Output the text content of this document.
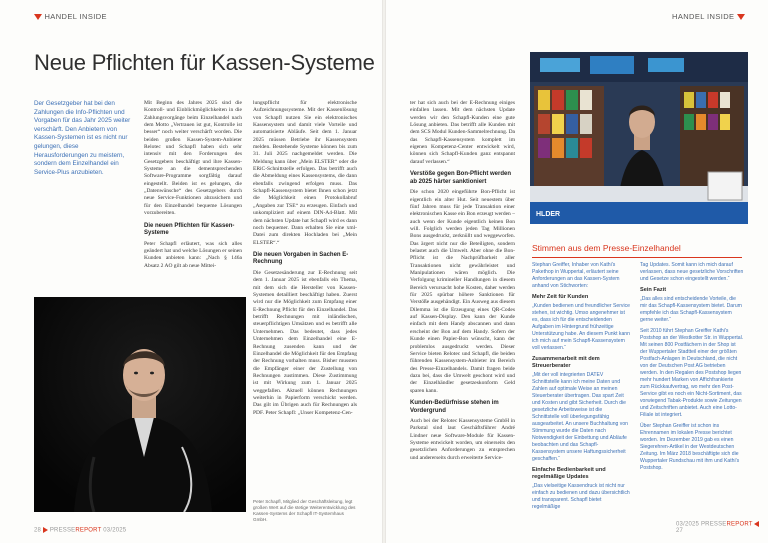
HANDEL INSIDE
Neue Pflichten für Kassen-Systeme
Der Gesetzgeber hat bei den Zahlungen die Info-Pflichten und Vorgaben für das Jahr 2025 weiter verschärft. Den Anbietern von Kassen-Systemen ist es nicht nur gelungen, diese Herausforderungen zu meistern, sondern dem Einzelhandel ein Service-Plus anzubieten.

Mit Beginn des Jahres 2025 sind die Kontroll- und Einblickmöglichkeiten in die Zahlungsvorgänge beim Einzelhandel nach dem Motto „Vertrauen ist gut, Kontrolle ist besser“ noch weiter verschärft worden. Die beiden großen Kassen-System-Anbieter Relotec und Schapfl haben sich sehr intensiv mit den Forderungen des Gesetzgebers beschäftigt und ihre Kassen-Systeme an die dementsprechenden Software-Programme sorgfältig darauf eingestellt. Beiden ist es gelungen, die „Datenwünsche“ des Gesetzgebers durch neue Service-Funktionen abzusichern und für den Einzelhandel bequeme Lösungen vorzubereiten.

Die neuen Pflichten für Kassen-Systeme

Peter Schapfl erläutert, was sich alles geändert hat und welche Lösungen er seinen Kunden anbieten kann: „Nach § 146a Absatz 2 AO gilt ab neue Mittei-

lungspflicht für elektronische Aufzeichnungssysteme. Mit der Kassenlösung von Schapfl nutzen Sie ein elektronisches Kassensystem und damit viele Vorteile und automatisierte Abläufe. Seit dem 1. Januar 2025 müssen Betriebe ihr Kassensystem melden. Bestehende Systeme können bis zum 31. Juli 2025 nachgemeldet werden. Die Meldung kann über „Mein ELSTER“ oder die ERiC-Schnittstelle erfolgen. Das betrifft auch die Abmeldung eines Kassensystems, die dann ebenfalls zwingend erfolgen muss. Das Schapfl-Kassensystem bietet Ihnen schon jetzt die Möglichkeit einen Protokollabruf „Angaben zur TSE“ zu erzeugen. Einfach und unkompliziert auf einem DIN-A4-Blatt. Mit dem nächsten Update hat Schapfl wird es dann noch bequemer. Dann erhalten Sie eine xml-Datei zum direkten Hochladen bei „Mein ELSTER“.“

Die neuen Vorgaben in Sachen E-Rechnung

Die Gesetzesänderung zur E-Rechnung seit dem 1. Januar 2025 ist ebenfalls ein Thema, mit dem sich die Hersteller von Kassen-Systemen detailliert beschäftigt haben. Zuerst wird nur die Möglichkeit zum Empfang einer E-Rechnung Pflicht für den Einzelhandel. Das betrifft Rechnungen mit inländischen, steuerpflichtigen Umsätzen und es betrifft alle Unternehmen. Das bedeutet, dass jedes Unternehmen dem Einzelhandel eine E-Rechnung zusenden kann und der Einzelhandel die Möglichkeit für den Empfang der Rechnung vorhalten muss. Bisher mussten die Empfänger einer der Zustellung von Rechnungen zustimmen. Diese Zustimmung ist mit Wirkung zum 1. Januar 2025 weggefallen. Aktuell können Rechnungen weiterhin in Papierform verschickt werden. Das gilt im Übrigen auch für Rechnungen als PDF. Peter Schapfl: „Unser Kompetenz-Cen-

Peter Schapfl, Mitglied der Geschäftsleitung, legt großen Wert auf die stetige Weiterentwicklung des Kassen-Systems der Schapfl IT-Systemhaus GmbH.
28 PRESSEREPORT 03/2025
HANDEL INSIDE

ter hat sich auch bei der E-Rechnung einiges einfallen lassen. Mit dem nächsten Update werden wir den Schapfl-Kunden eine gute Lösung anbieten. Das betrifft alle Kunden mit dem SCS Modul Kunden-Sammelrechnung. Da das Schapfl-Kassensystem komplett im eigenen Kompetenz-Center entwickelt wird, können sich Schapfl-Kunden ganz entspannt darauf verlassen.“

Verstöße gegen Bon-Pflicht werden ab 2025 härter sanktioniert

Die schon 2020 eingeführte Bon-Pflicht ist eigentlich ein alter Hut. Seit neuestem über fünf Jahren muss für jede Transaktion einer elektronischen Kasse ein Bon erzeugt werden – auch wenn der Kunde eigentlich keinen Bon will. Folglich werden jeden Tag Millionen Bons ausgedruckt, zerknüllt und weggeworfen. Das ärgert nicht nur die Beteiligten, sondern belastet auch die Umwelt. Aber ohne die Bon-Pflicht ist die Nachprüfbarkeit aller Transaktionen nicht gewährleistet und Manipulationen wären möglich. Die Verfolgung krimineller Handlungen in diesem Bereich verursacht hohe Kosten, daher werden für 2025 spürbar höhere Sanktionen für Verstöße ausgehändigt. Ein Ausweg aus diesem Dilemma ist die Erzeugung eines QR-Codes auf Kassen-Display. Den kann der Kunde einfach mit dem Handy abscannen und dann erscheint der Bon auf dem Handy. Sofern der Kunde einen Papier-Bon wünscht, kann der problemlos ausgedruckt werden. Dieser Service bieten Relotec und Schapfl, die beiden führenden Kassensystem-Anbieter im Bereich des Presse-Einzelhandels. Damit fragen beide dazu bei, dass die Umwelt geschont wird und der Einzelhändler gesetzeskonform Geld sparen kann.

Kunden-Bedürfnisse stehen im Vordergrund

Auch bei der Relotec Kassensysteme GmbH in Parkstal sind laut Geschäftsführer André Lindner neue Software-Module für Kassen-Systeme entwickelt worden, um einerseits den gesetzlichen Anforderungen zu entsprechen und andererseits durch erweiterte Service-

HLDER
Stimmen aus dem Presse-Einzelhandel

Stephan Greiffer, Inhaber von Kathi's Pakethop in Wuppertal, erläutert seine Anforderungen an das Kassen-System anhand von Stichworten:

Mehr Zeit für Kunden

„Kunden bedienen und freundlicher Service stehen, ist wichtig. Umso angenehmer ist es, dass ich für die entscheidenden Aufgaben im Hintergrund frühzeitige Unterstützung habe. An diesem Punkt kann ich mich auf mein Schapfl-Kassensystem voll verlassen.“

Zusammenarbeit mit dem Streuerberater

„Mit der voll integrierten DATEV Schnittstelle kann ich meine Daten und Zahlen auf optimale Weise an meinen Steuerberater übertragen. Das spart Zeit und Kosten und gibt Sicherheit. Durch die gesetzliche Arbeitsweise ist die Schnittstelle voll überlegungsfähig ausgearbeitet. An unsere Buchhaltung von Stimmung wurde die Daten nach Notwendigkeit der Einbettung und Abläufe beobachten und das Schapfl-Kassensystem unsere Haftungssicherheit geschaffen.“

Einfache Bedienbarkeit und regelmäßige Updates

„Das vielseitige Kassendruck ist nicht nur einfach zu bedienen und dazu übersichtlich und transparent. Schapfl bietet regelmäßige

Tag Updates. Somit kann ich mich darauf verlassen, dass neue gesetzliche Vorschriften und Gesetze schon eingestellt werden.“

Sein Fazit

„Das alles sind entscheidende Vorteile, die mir das Schapfl-Kassensystem bietet. Darum empfehle ich das Schapfl-Kassensystem gerne weiter.“

Seit 2010 führt Stephan Greiffer Kathi's Postshop an der Westkotter Str. in Wuppertal. Mit seinen 800 Postfächern in der Shop ist der Wuppertaler Stadtteil einer der größten Postfach-Anlagen in Deutschland, die nicht von der Deutschen Post AG betrieben werden. In den Regalen des Postshop liegen mehr hundert Marken von Affichfrankierte zum Rückkaufvertrag, wo mehr den Post-Service gibt es noch ein Nicht-Sortiment, das vorwiegend Tabak-Produkte sowie Zeitungen und Zeitschriften anbietet. Auch eine Lotto-Filiale ist integriert.

Über Stephan Greiffer ist schon ins Ehrennamen im lokalen Presse berichtet worden. Im Dezember 2019 gab es einen Siegerehren-Artikel in der Westdeutschen Zeitung. Im März 2018 beschäftigte sich die Wuppertaler Rundschau mit ihm und Kathi's Postshop.

03/2025 PRESSEREPORT  27
